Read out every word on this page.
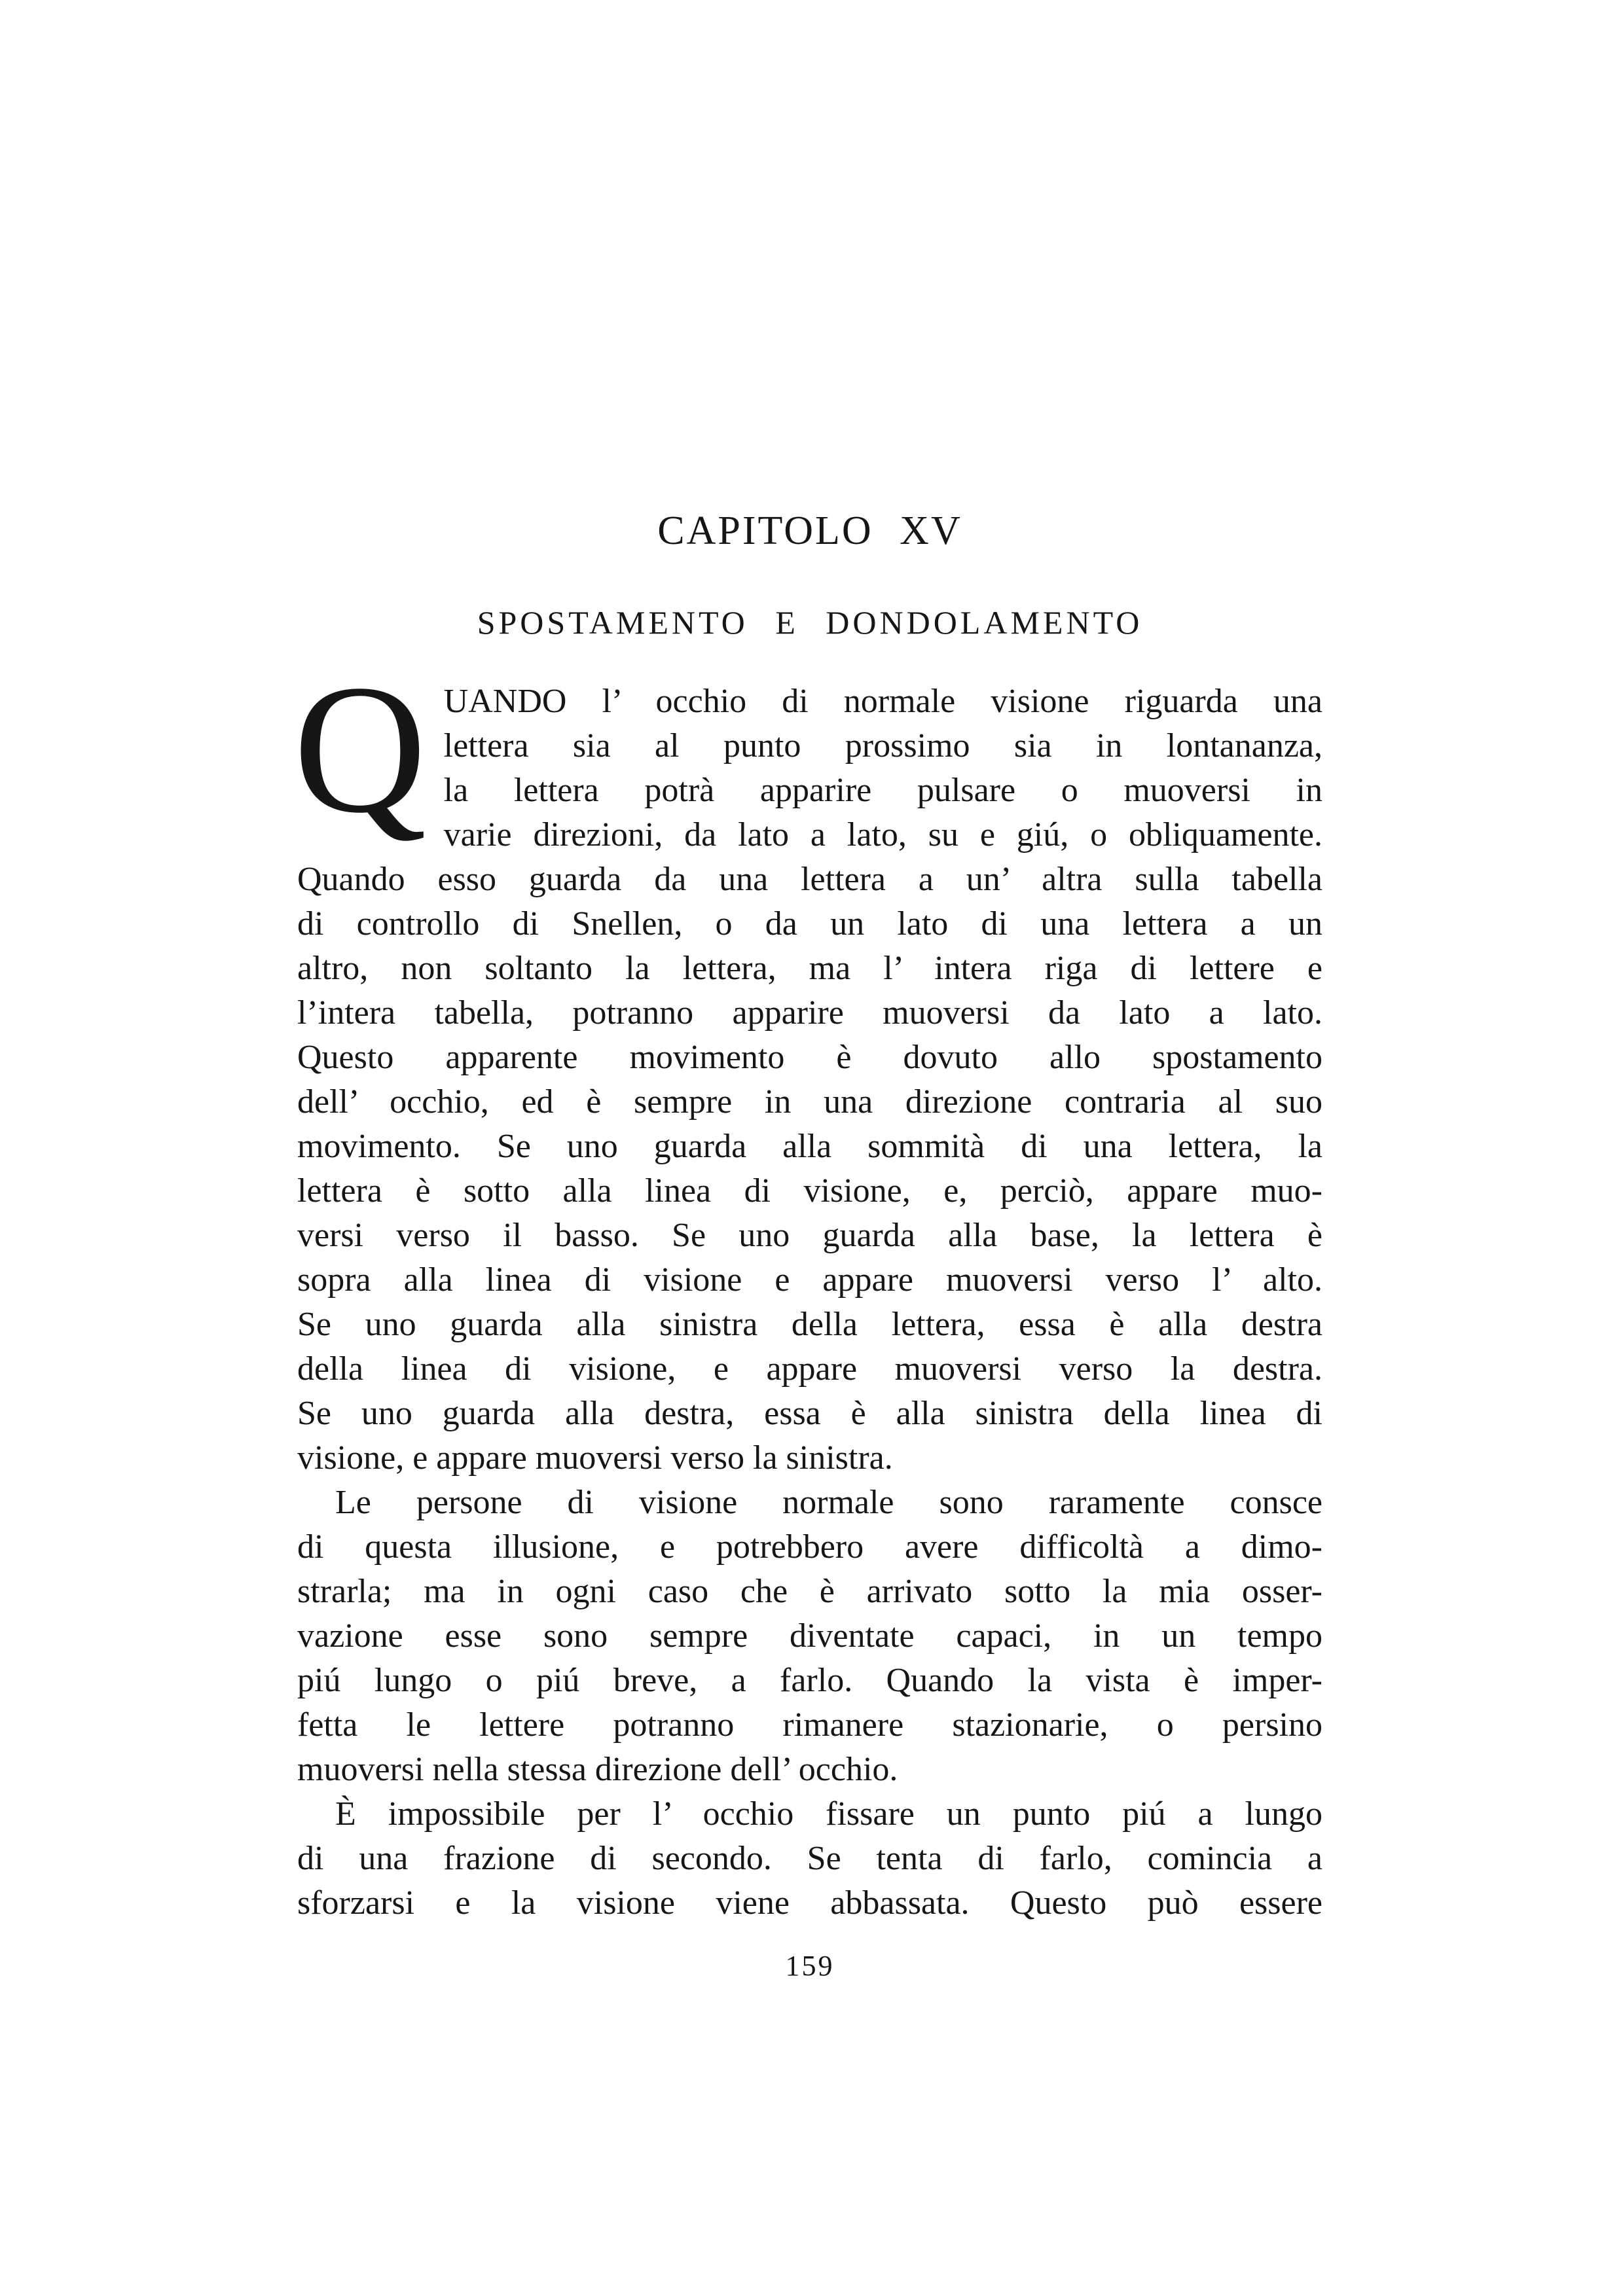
CAPITOLO XV
SPOSTAMENTO E DONDOLAMENTO
Q UANDO l’ occhio di normale visione riguarda una
lettera sia al punto prossimo sia in lontananza,
la lettera potrà apparire pulsare o muoversi in
varie direzioni, da lato a lato, su e giú, o obliquamente.
Quando esso guarda da una lettera a un’ altra sulla tabella
di controllo di Snellen, o da un lato di una lettera a un
altro, non soltanto la lettera, ma l’ intera riga di lettere e
l’intera tabella, potranno apparire muoversi da lato a lato.
Questo apparente movimento è dovuto allo spostamento
dell’ occhio, ed è sempre in una direzione contraria al suo
movimento. Se uno guarda alla sommità di una lettera, la
lettera è sotto alla linea di visione, e, perciò, appare muo-
versi verso il basso. Se uno guarda alla base, la lettera è
sopra alla linea di visione e appare muoversi verso l’ alto.
Se uno guarda alla sinistra della lettera, essa è alla destra
della linea di visione, e appare muoversi verso la destra.
Se uno guarda alla destra, essa è alla sinistra della linea di
visione, e appare muoversi verso la sinistra.
Le persone di visione normale sono raramente consce
di questa illusione, e potrebbero avere difficoltà a dimo-
strarla; ma in ogni caso che è arrivato sotto la mia osser-
vazione esse sono sempre diventate capaci, in un tempo
piú lungo o piú breve, a farlo. Quando la vista è imper-
fetta le lettere potranno rimanere stazionarie, o persino
muoversi nella stessa direzione dell’ occhio.
È impossibile per l’ occhio fissare un punto piú a lungo
di una frazione di secondo. Se tenta di farlo, comincia a
sforzarsi e la visione viene abbassata. Questo può essere
159
